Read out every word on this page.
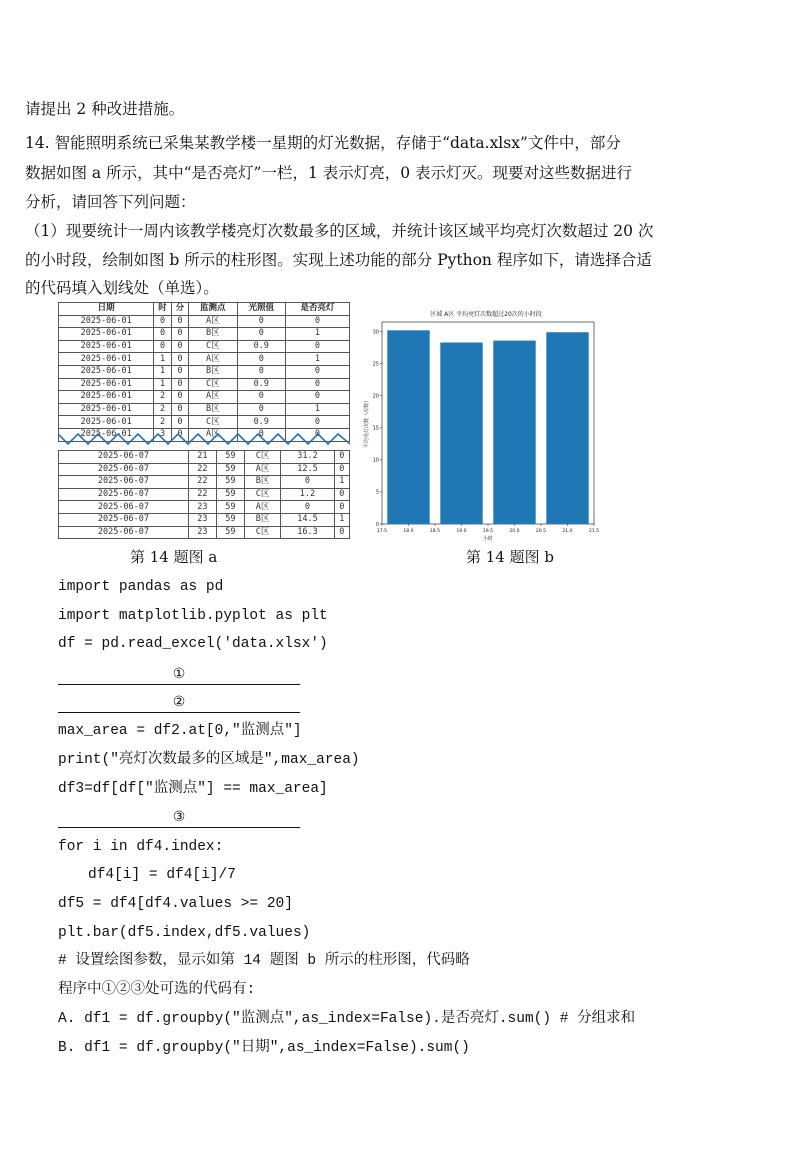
请提出 2 种改进措施。
14. 智能照明系统已采集某教学楼一星期的灯光数据，存储于“data.xlsx”文件中，部分
数据如图 a 所示，其中“是否亮灯”一栏，1 表示灯亮，0 表示灯灭。现要对这些数据进行
分析，请回答下列问题：
（1）现要统计一周内该教学楼亮灯次数最多的区域，并统计该区域平均亮灯次数超过 20 次
的小时段，绘制如图 b 所示的柱形图。实现上述功能的部分 Python 程序如下，请选择合适
的代码填入划线处（单选）。
日期	时	分	监测点	光照值	是否亮灯
2025-06-01	0	0	A区	0	0
2025-06-01	0	0	B区	0	1
2025-06-01	0	0	C区	0.9	0
2025-06-01	1	0	A区	0	1
2025-06-01	1	0	B区	0	0
2025-06-01	1	0	C区	0.9	0
2025-06-01	2	0	A区	0	0
2025-06-01	2	0	B区	0	1
2025-06-01	2	0	C区	0.9	0
2025-06-01	3	0	A区	0	0
2025-06-07	21	59	C区	31.2	0
2025-06-07	22	59	A区	12.5	0
2025-06-07	22	59	B区	0	1
2025-06-07	22	59	C区	1.2	0
2025-06-07	23	59	A区	0	0
2025-06-07	23	59	B区	14.5	1
2025-06-07	23	59	C区	16.3	0
区域 A区 平均亮灯次数超过20次的小时段
0
5
10
15
20
25
30
17.5	18.0	18.5	19.0	19.5	20.0	20.5	21.0	21.5
平均亮灯次数（次数）
小时
第 14 题图 a	第 14 题图 b
import pandas as pd
import matplotlib.pyplot as plt
df = pd.read_excel('data.xlsx')
①
②
max_area = df2.at[0,"监测点"]
print("亮灯次数最多的区域是",max_area)
df3=df[df["监测点"] == max_area]
③
for i in df4.index:
df4[i] = df4[i]/7
df5 = df4[df4.values >= 20]
plt.bar(df5.index,df5.values)
# 设置绘图参数，显示如第 14 题图 b 所示的柱形图，代码略
程序中①②③处可选的代码有:
A. df1 = df.groupby("监测点",as_index=False).是否亮灯.sum() # 分组求和
B. df1 = df.groupby("日期",as_index=False).sum()
